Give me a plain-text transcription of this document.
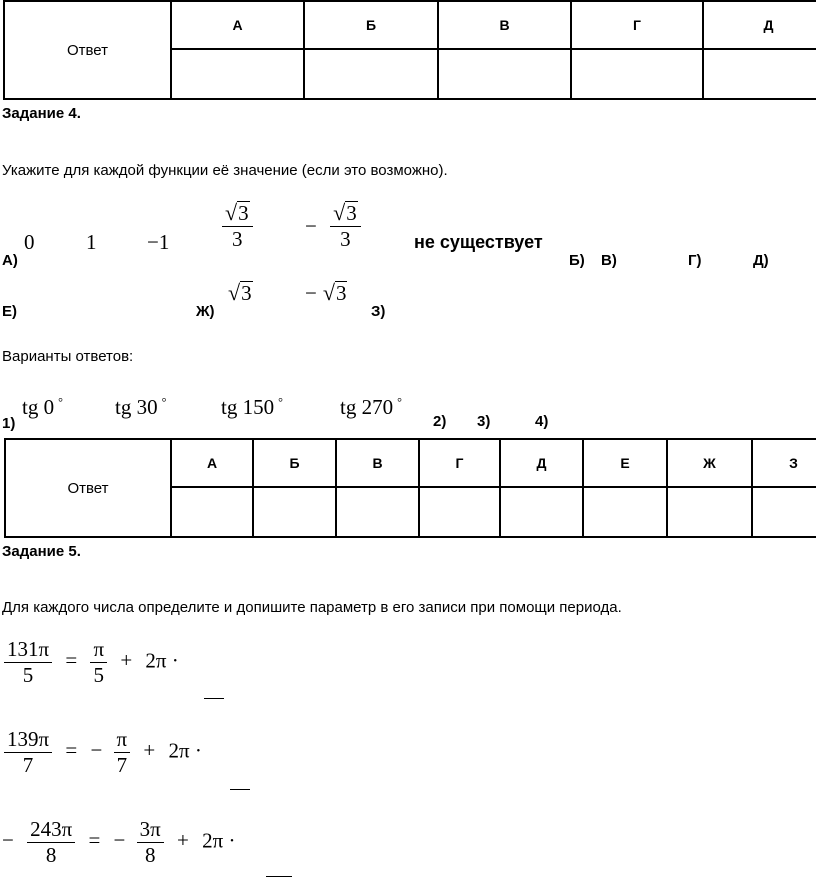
Ответ	А	Б	В	Г	Д

Задание 4.
Укажите для каждой функции её значение (если это возможно).
0 $1 -1 \frac{√ 3}{3} - \frac{√ 3}{3}$	не существует
А)	Б) В)	Г)	Д)
√ 3	− √ 3
Е)	Ж)	З)
Варианты ответов:
tg 0 ° tg 30 °	tg 150 °	tg 270 °
1)	2) 3)	4)
Ответ	А	Б	В	Г	Д	Е	Ж	З

Задание 5.
Для каждого числа определите и допишите параметр в его записи при помощи периода.
$\frac{131\pi}{5} = \frac{\pi}{5} + 2\pi$ ·
$\frac{139\pi}{7}$ = − $\frac{\pi}{7} + 2\pi$ ·
− $\frac{243\pi}{8}$ = − $\frac{3\pi}{8} + 2\pi$ ·
